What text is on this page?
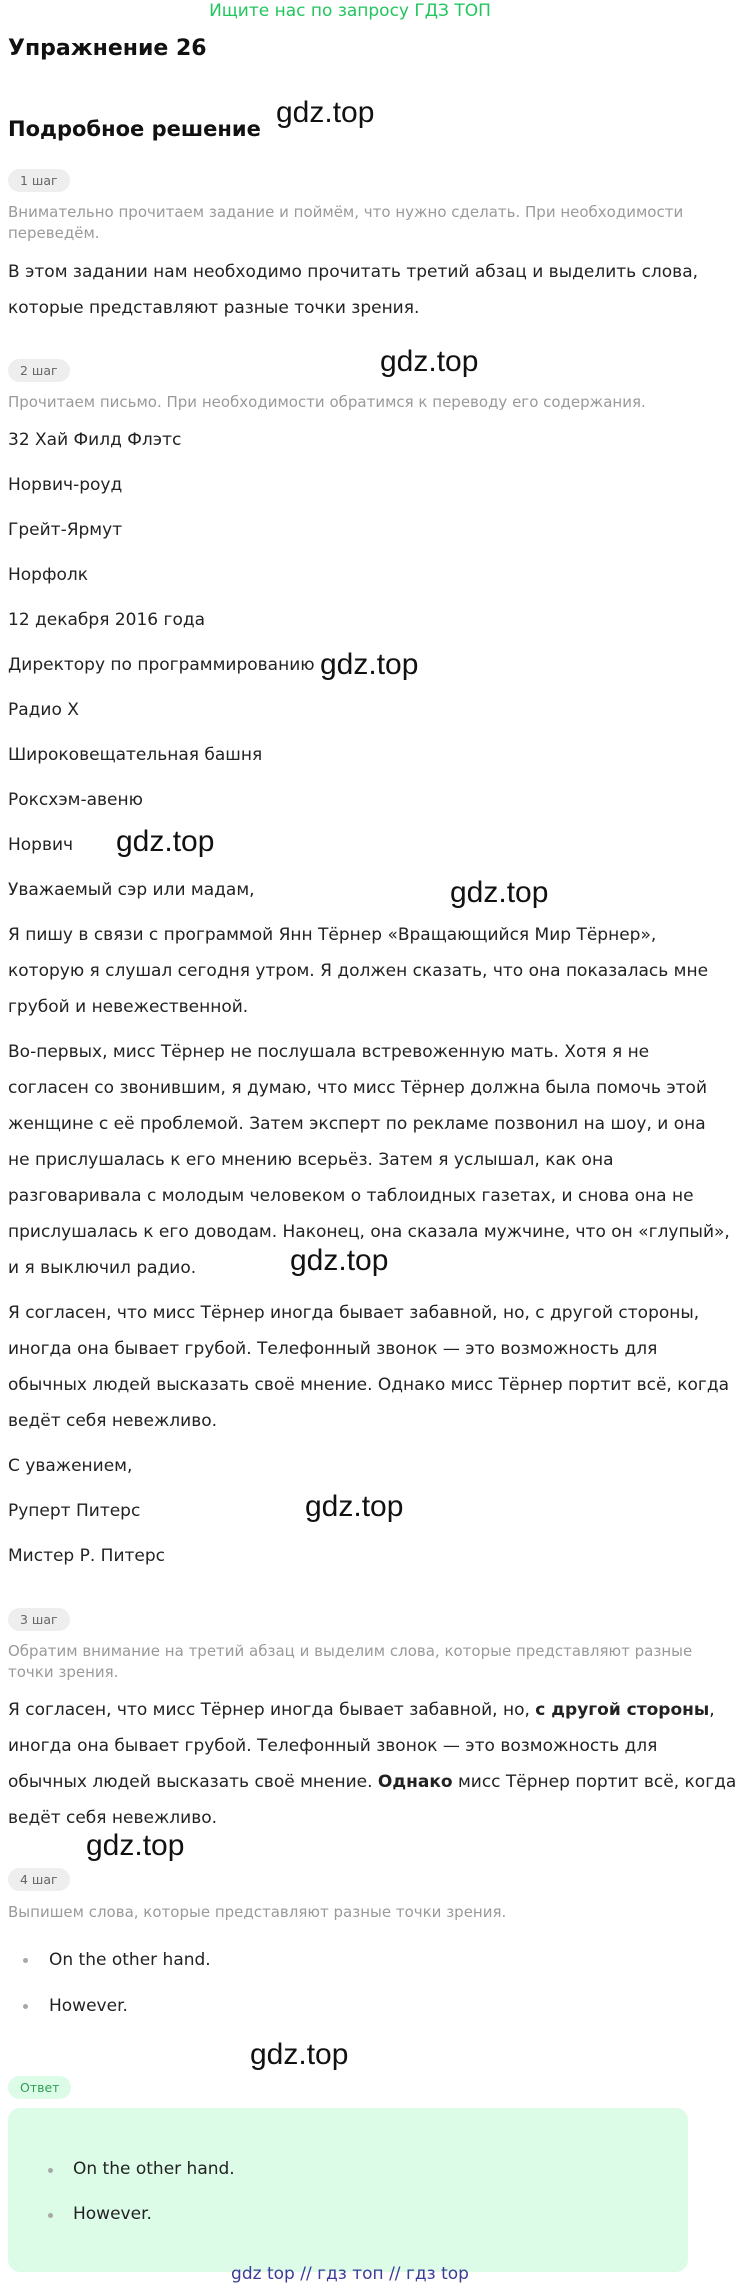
Ищите нас по запросу ГДЗ ТОП
Упражнение 26
Подробное решение gdz.top
gdz.top
gdz.top
gdz.top
gdz.top
gdz.top
gdz.top
gdz.top
gdz.top
1 шаг
Внимательно прочитаем задание и поймём, что нужно сделать. При необходимости
переведём.
В этом задании нам необходимо прочитать третий абзац и выделить слова,
которые представляют разные точки зрения.
2 шаг
Прочитаем письмо. При необходимости обратимся к переводу его содержания.
32 Хай Филд Флэтс
Норвич-роуд
Грейт-Ярмут
Норфолк
12 декабря 2016 года
Директору по программированию
Радио X
Широковещательная башня
Роксхэм-авеню
Норвич
Уважаемый сэр или мадам,
Я пишу в связи с программой Янн Тёрнер «Вращающийся Мир Тёрнер»,
которую я слушал сегодня утром. Я должен сказать, что она показалась мне
грубой и невежественной.
Во-первых, мисс Тёрнер не послушала встревоженную мать. Хотя я не
согласен со звонившим, я думаю, что мисс Тёрнер должна была помочь этой
женщине с её проблемой. Затем эксперт по рекламе позвонил на шоу, и она
не прислушалась к его мнению всерьёз. Затем я услышал, как она
разговаривала с молодым человеком о таблоидных газетах, и снова она не
прислушалась к его доводам. Наконец, она сказала мужчине, что он «глупый»,
и я выключил радио.
Я согласен, что мисс Тёрнер иногда бывает забавной, но, с другой стороны,
иногда она бывает грубой. Телефонный звонок — это возможность для
обычных людей высказать своё мнение. Однако мисс Тёрнер портит всё, когда
ведёт себя невежливо.
С уважением,
Руперт Питерс
Мистер Р. Питерс
3 шаг
Обратим внимание на третий абзац и выделим слова, которые представляют разные
точки зрения.
Я согласен, что мисс Тёрнер иногда бывает забавной, но, с другой стороны,
иногда она бывает грубой. Телефонный звонок — это возможность для
обычных людей высказать своё мнение. Однако мисс Тёрнер портит всё, когда
ведёт себя невежливо.
4 шаг
Выпишем слова, которые представляют разные точки зрения.
On the other hand.
However.
Ответ
On the other hand.
However.
gdz top // гдз топ // гдз top
